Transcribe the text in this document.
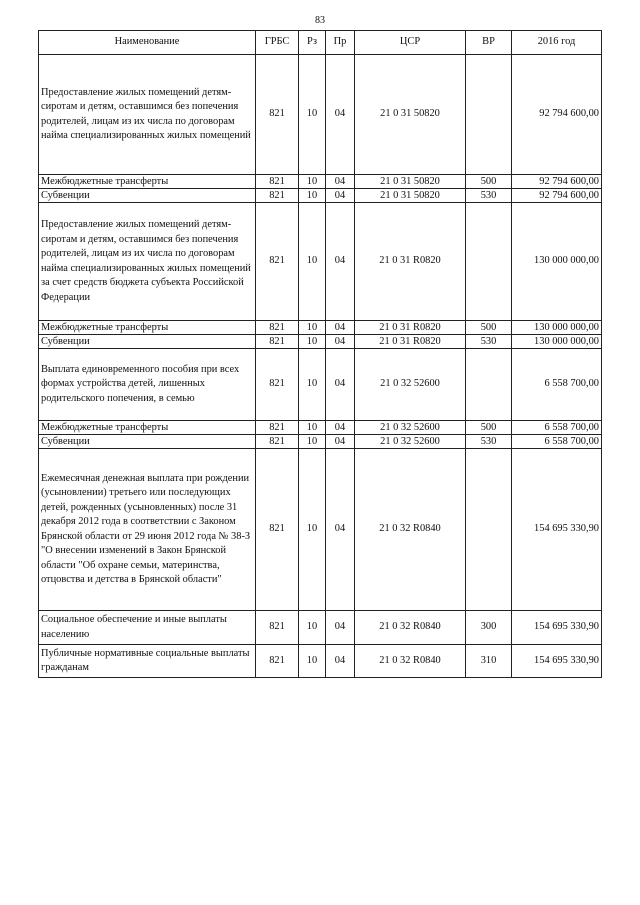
83
Наименование	ГРБС	Рз	Пр	ЦСР	ВР	2016 год
Предоставление жилых помещений детям-сиротам и детям, оставшимся без попечения родителей, лицам из их числа по договорам найма специализированных жилых помещений	821	10	04	21 0 31 50820		92 794 600,00
Межбюджетные трансферты	821	10	04	21 0 31 50820	500	92 794 600,00
Субвенции	821	10	04	21 0 31 50820	530	92 794 600,00
Предоставление жилых помещений детям-сиротам и детям, оставшимся без попечения родителей, лицам из их числа по договорам найма специализированных жилых помещений за счет средств бюджета субъекта Российской Федерации	821	10	04	21 0 31 R0820		130 000 000,00
Межбюджетные трансферты	821	10	04	21 0 31 R0820	500	130 000 000,00
Субвенции	821	10	04	21 0 31 R0820	530	130 000 000,00
Выплата единовременного пособия при всех формах устройства детей, лишенных родительского попечения, в семью	821	10	04	21 0 32 52600		6 558 700,00
Межбюджетные трансферты	821	10	04	21 0 32 52600	500	6 558 700,00
Субвенции	821	10	04	21 0 32 52600	530	6 558 700,00
Ежемесячная денежная выплата при рождении (усыновлении) третьего или последующих детей, рожденных (усыновленных) после 31 декабря 2012 года в соответствии с Законом Брянской области от 29 июня 2012 года № 38-З "О внесении изменений в Закон Брянской области "Об охране семьи, материнства, отцовства и детства в Брянской области"	821	10	04	21 0 32 R0840		154 695 330,90
Социальное обеспечение и иные выплаты населению	821	10	04	21 0 32 R0840	300	154 695 330,90
Публичные нормативные социальные выплаты гражданам	821	10	04	21 0 32 R0840	310	154 695 330,90
